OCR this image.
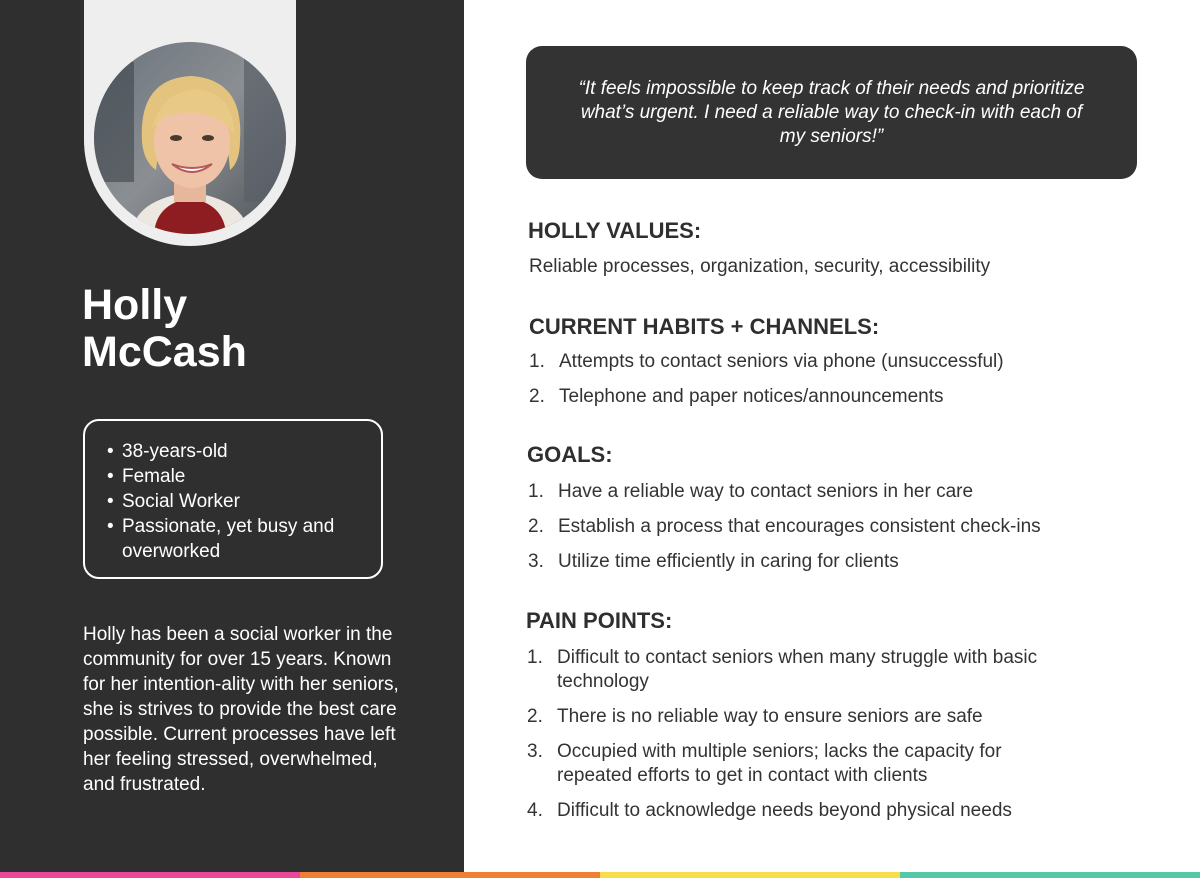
Holly
McCash
• 38-years-old
• Female
• Social Worker
• Passionate, yet busy and overworked

Holly has been a social worker in the community for over 15 years. Known for her intention-ality with her seniors, she is strives to provide the best care possible. Current processes have left her feeling stressed, overwhelmed, and frustrated.

“It feels impossible to keep track of their needs and prioritize what’s urgent. I need a reliable way to check-in with each of my seniors!”

HOLLY VALUES:

Reliable processes, organization, security, accessibility

CURRENT HABITS + CHANNELS:
1. Attempts to contact seniors via phone (unsuccessful)
2. Telephone and paper notices/announcements
GOALS:
1. Have a reliable way to contact seniors in her care
2. Establish a process that encourages consistent check-ins
3. Utilize time efficiently in caring for clients
PAIN POINTS:
1. Difficult to contact seniors when many struggle with basic technology
2. There is no reliable way to ensure seniors are safe
3. Occupied with multiple seniors; lacks the capacity for repeated efforts to get in contact with clients
4. Difficult to acknowledge needs beyond physical needs
